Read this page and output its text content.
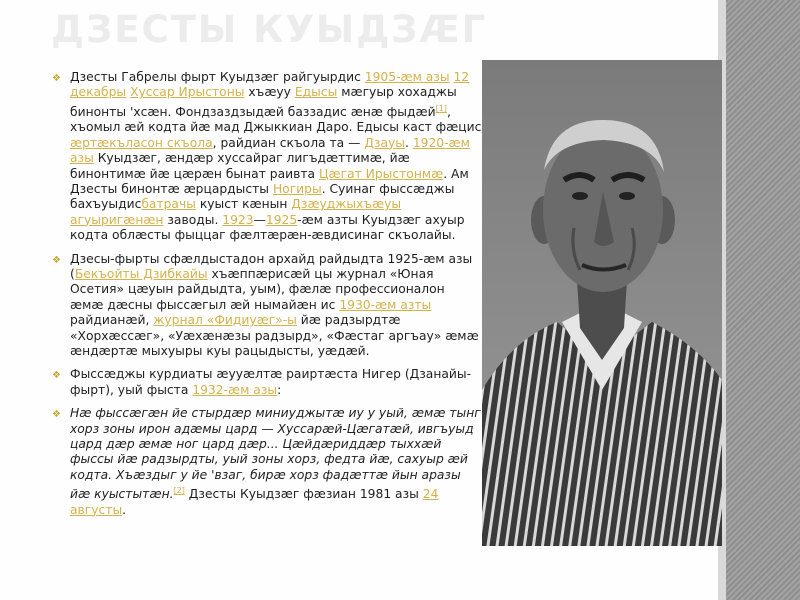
ДЗЕСТЫ КУЫДЗÆГ
❖ Дзесты Габрелы фырт Куыдзæг райгуырдис 1905-æм азы 12 декабры Хуссар Ирыстоны хъæуу Едысы мæгуыр хохаджы бинонты 'хсæн. Фондзаздзыдæй баззадис æнæ фыдæй[1], хъомыл æй кодта йæ мад Джыккиан Даро. Едысы каст фæцис æртæкъласон скъола, райдиан скъола та — Дзауы. 1920-æм азы Куыдзæг, æндæр хуссайраг лигъдæттимæ, йæ бинонтимæ йæ цæрæн бынат раивта Цæгат Ирыстонмæ. Ам Дзесты бинонтæ æрцардысты Ногиры. Суинаг фыссæджы бахъуыдисбатрачы куыст кæнын Дзæуджыхъæуы агуыригæнæн заводы. 1923—1925-æм азты Куыдзæг ахуыр кодта облæсты фыццаг фæлтæрæн-æвдисинаг скъолайы.
❖ Дзесы-фырты сфæлдыстадон архайд райдыдта 1925-æм азы (Бекъойты Дзибкайы хъæппæрисæй цы журнал «Юная Осетия» цæуын райдыдта, уым), фæлæ профессионалон æмæ дæсны фыссæгыл æй нымайæн ис 1930-æм азты райдианæй, журнал «Фидиуæг»-ы йæ радзырдтæ «Хорхæссæг», «Уæхæнæзы радзырд», «Фæстаг аргъау» æмæ æндæртæ мыхуыры куы рацыдысты, уæдæй.
❖ Фыссæджы курдиаты æууæлтæ раиртæста Нигер (Дзанайы-фырт), уый фыста 1932-æм азы:
❖ Нæ фыссæгæн йе стырдæр миниуджытæ иу у уый, æмæ тынг хорз зоны ирон адæмы цард — Хуссарæй-Цæгатæй, ивгъуыд цард дæр æмæ ног цард дæр... Цæйдæриддæр тыххæй фыссы йæ радзырдты, уый зоны хорз, федта йæ, сахуыр æй кодта. Хъæздыг у йе 'взаг, бирæ хорз фадæттæ йын аразы йæ куыстытæн.[2] Дзесты Куыдзæг фæзиан 1981 азы 24 августы.
